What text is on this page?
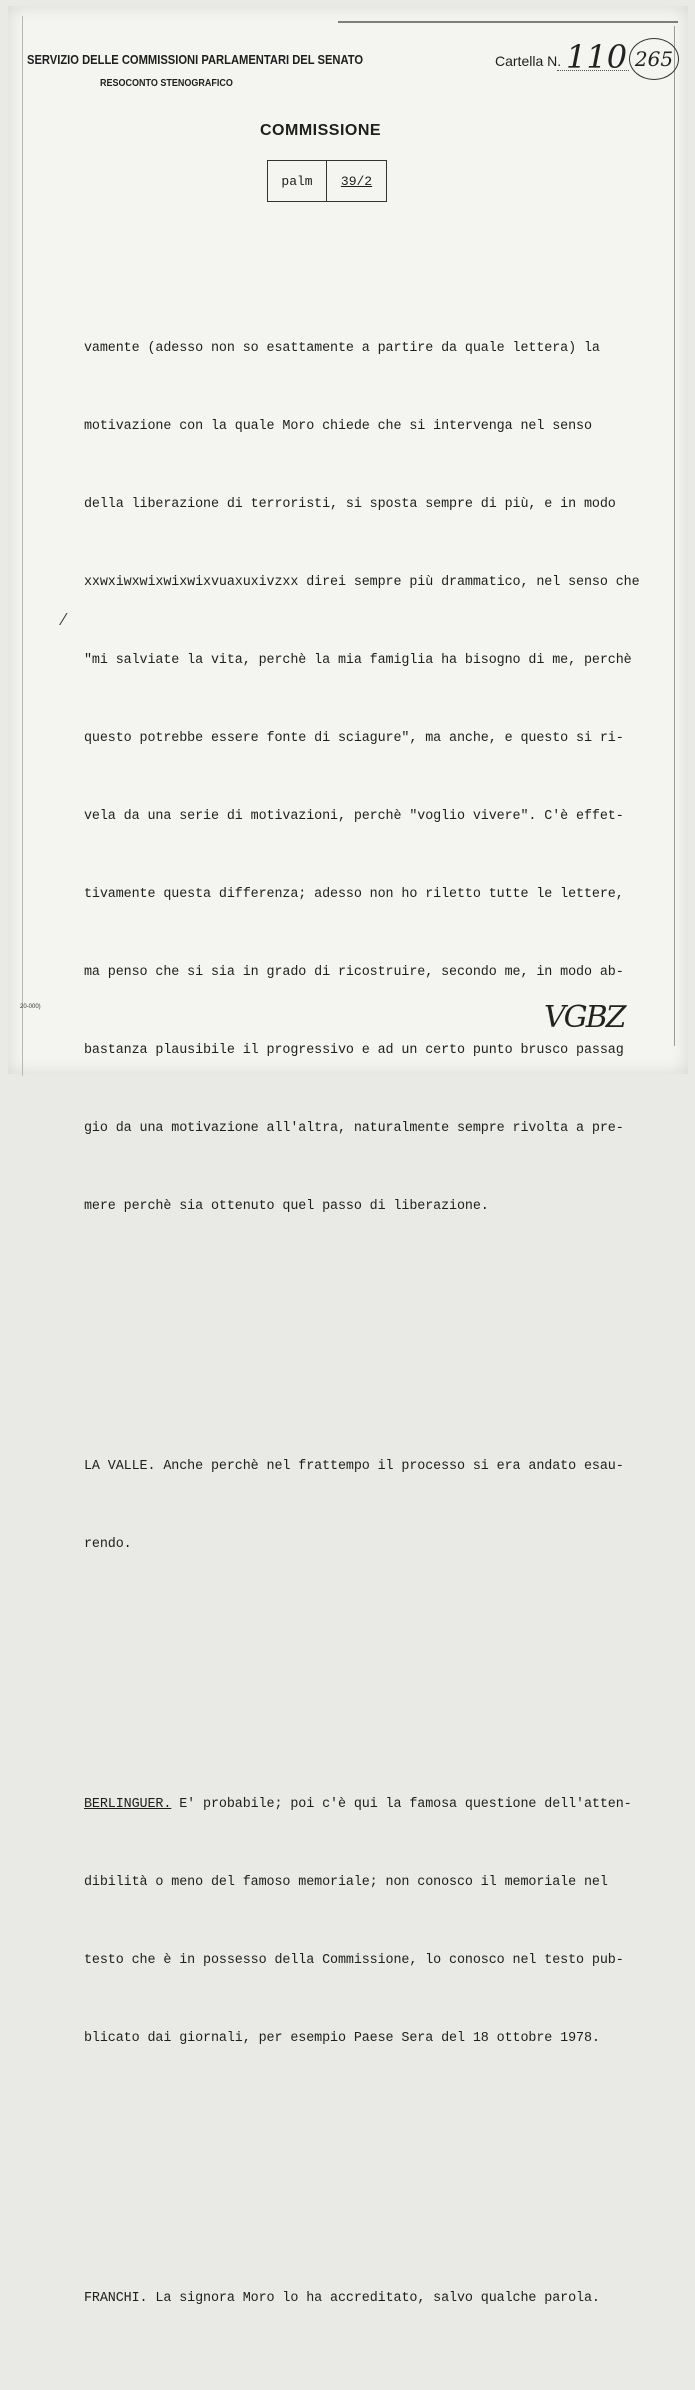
SERVIZIO DELLE COMMISSIONI PARLAMENTARI DEL SENATO
RESOCONTO STENOGRAFICO
Cartella N. 110 265
COMMISSIONE
palm	39/2

vamente (adesso non so esattamente a partire da quale lettera) la

motivazione con la quale Moro chiede che si intervenga nel senso

della liberazione di terroristi, si sposta sempre di più, e in modo

xxwxiwxwixwixwixvuaxuxivzxx direi sempre più drammatico, nel senso che

"mi salviate la vita, perchè la mia famiglia ha bisogno di me, perchè

questo potrebbe essere fonte di sciagure", ma anche, e questo si ri-

vela da una serie di motivazioni, perchè "voglio vivere". C'è effet-

tivamente questa differenza; adesso non ho riletto tutte le lettere,

ma penso che si sia in grado di ricostruire, secondo me, in modo ab-

bastanza plausibile il progressivo e ad un certo punto brusco passag

gio da una motivazione all'altra, naturalmente sempre rivolta a pre-

mere perchè sia ottenuto quel passo di liberazione.

LA VALLE. Anche perchè nel frattempo il processo si era andato esau-

rendo.

BERLINGUER. E' probabile; poi c'è qui la famosa questione dell'atten-

dibilità o meno del famoso memoriale; non conosco il memoriale nel

testo che è in possesso della Commissione, lo conosco nel testo pub-

blicato dai giornali, per esempio Paese Sera del 18 ottobre 1978.

FRANCHI. La signora Moro lo ha accreditato, salvo qualche parola.

⁄
20-000)	VGBZ
